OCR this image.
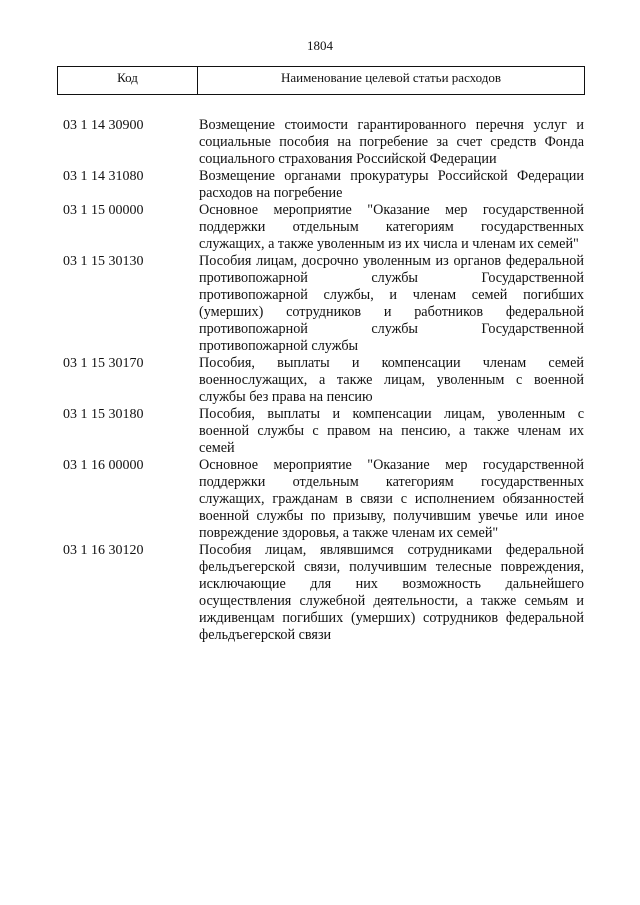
1804
Код	Наименование целевой статьи расходов
03 1 14 30900	Возмещение стоимости гарантированного перечня услуг и
социальные пособия на погребение за счет средств Фонда
социального страхования Российской Федерации
03 1 14 31080	Возмещение органами прокуратуры Российской Федерации
расходов на погребение
03 1 15 00000	Основное мероприятие "Оказание мер государственной
поддержки отдельным категориям государственных
служащих, а также уволенным из их числа и членам их семей"
03 1 15 30130	Пособия лицам, досрочно уволенным из органов федеральной
противопожарной службы Государственной
противопожарной службы, и членам семей погибших
(умерших) сотрудников и работников федеральной
противопожарной службы Государственной
противопожарной службы
03 1 15 30170	Пособия, выплаты и компенсации членам семей
военнослужащих, а также лицам, уволенным с военной
службы без права на пенсию
03 1 15 30180	Пособия, выплаты и компенсации лицам, уволенным с
военной службы с правом на пенсию, а также членам их
семей
03 1 16 00000	Основное мероприятие "Оказание мер государственной
поддержки отдельным категориям государственных
служащих, гражданам в связи с исполнением обязанностей
военной службы по призыву, получившим увечье или иное
повреждение здоровья, а также членам их семей"
03 1 16 30120	Пособия лицам, являвшимся сотрудниками федеральной
фельдъегерской связи, получившим телесные повреждения,
исключающие для них возможность дальнейшего
осуществления служебной деятельности, а также семьям и
иждивенцам погибших (умерших) сотрудников федеральной
фельдъегерской связи
